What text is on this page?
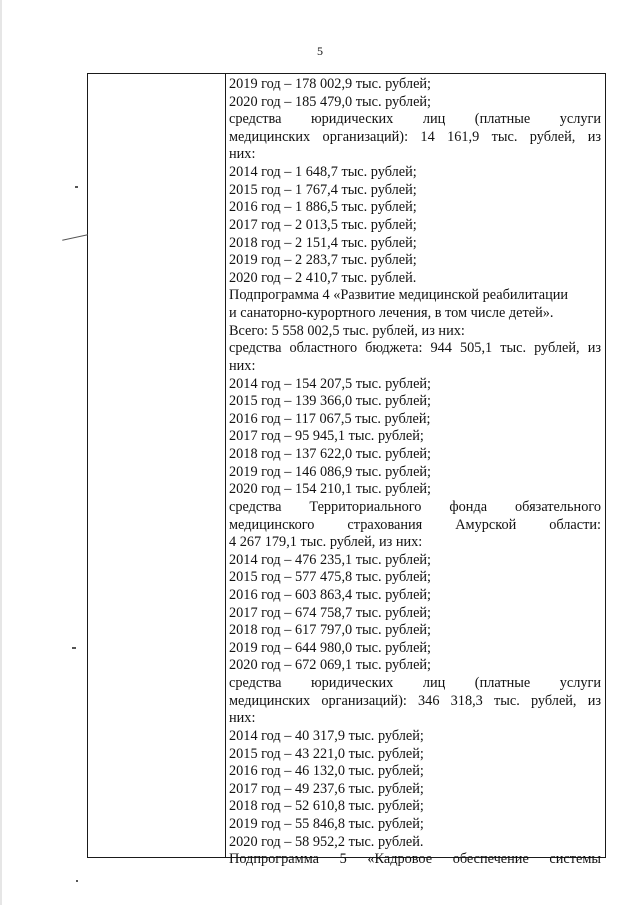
5
2019 год – 178 002,9 тыс. рублей;
2020 год – 185 479,0 тыс. рублей;
средства юридических лиц (платные услуги
медицинских организаций): 14 161,9 тыс. рублей, из
них:
2014 год – 1 648,7 тыс. рублей;
2015 год – 1 767,4 тыс. рублей;
2016 год – 1 886,5 тыс. рублей;
2017 год – 2 013,5 тыс. рублей;
2018 год – 2 151,4 тыс. рублей;
2019 год – 2 283,7 тыс. рублей;
2020 год – 2 410,7 тыс. рублей.
Подпрограмма 4 «Развитие медицинской реабилитации
и санаторно-курортного лечения, в том числе детей».
Всего: 5 558 002,5 тыс. рублей, из них:
средства областного бюджета: 944 505,1 тыс. рублей, из
них:
2014 год – 154 207,5 тыс. рублей;
2015 год – 139 366,0 тыс. рублей;
2016 год – 117 067,5 тыс. рублей;
2017 год – 95 945,1 тыс. рублей;
2018 год – 137 622,0 тыс. рублей;
2019 год – 146 086,9 тыс. рублей;
2020 год – 154 210,1 тыс. рублей;
средства Территориального фонда обязательного
медицинского страхования Амурской области:
4 267 179,1 тыс. рублей, из них:
2014 год – 476 235,1 тыс. рублей;
2015 год – 577 475,8 тыс. рублей;
2016 год – 603 863,4 тыс. рублей;
2017 год – 674 758,7 тыс. рублей;
2018 год – 617 797,0 тыс. рублей;
2019 год – 644 980,0 тыс. рублей;
2020 год – 672 069,1 тыс. рублей;
средства юридических лиц (платные услуги
медицинских организаций): 346 318,3 тыс. рублей, из
них:
2014 год – 40 317,9 тыс. рублей;
2015 год – 43 221,0 тыс. рублей;
2016 год – 46 132,0 тыс. рублей;
2017 год – 49 237,6 тыс. рублей;
2018 год – 52 610,8 тыс. рублей;
2019 год – 55 846,8 тыс. рублей;
2020 год – 58 952,2 тыс. рублей.
Подпрограмма 5 «Кадровое обеспечение системы
